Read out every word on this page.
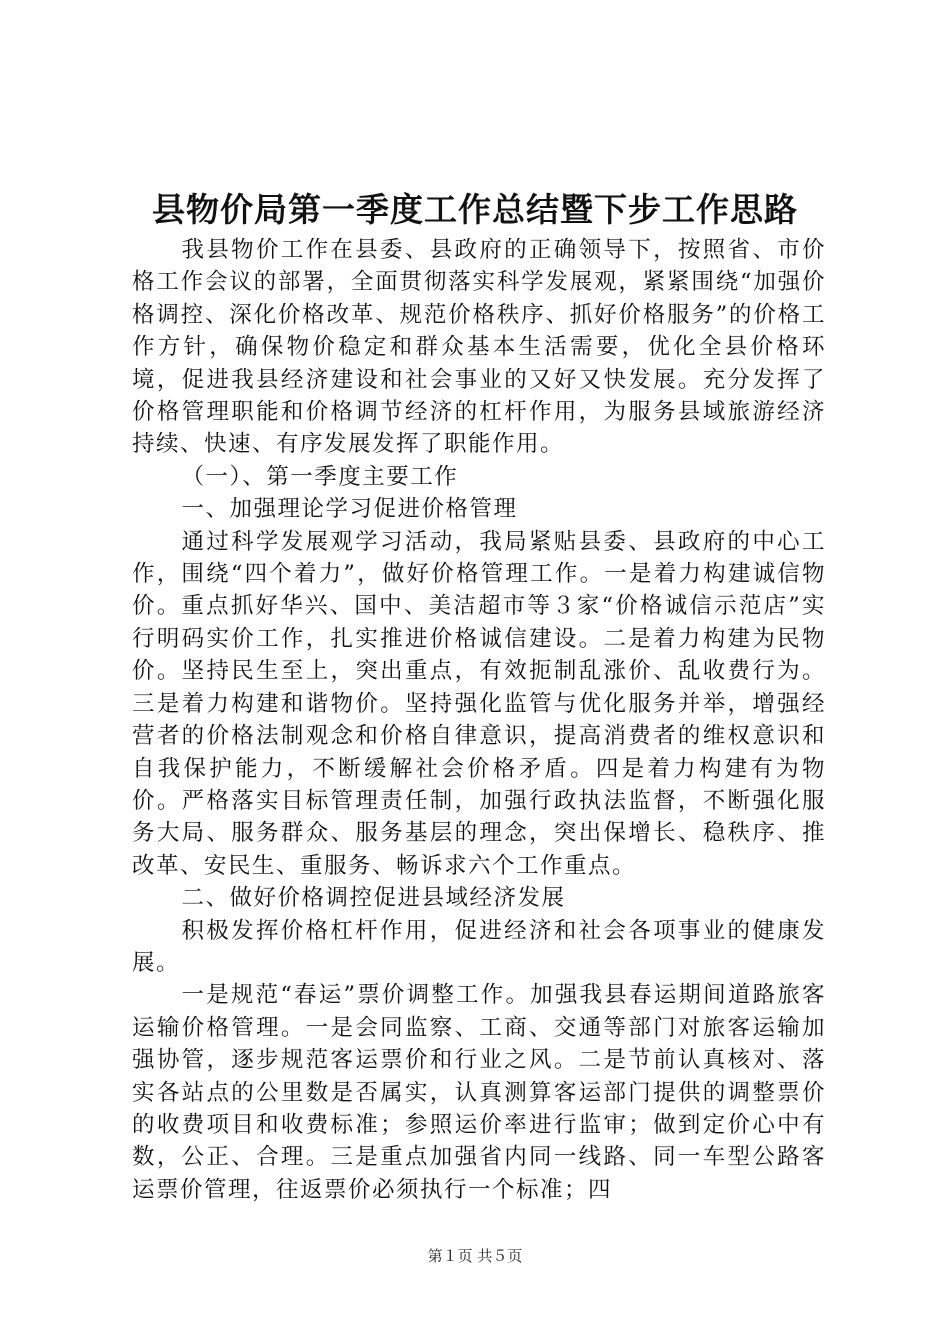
县物价局第一季度工作总结暨下步工作思路

我县物价工作在县委、县政府的正确领导下，按照省、市价格工作会议的部署，全面贯彻落实科学发展观，紧紧围绕“加强价格调控、深化价格改革、规范价格秩序、抓好价格服务”的价格工作方针，确保物价稳定和群众基本生活需要，优化全县价格环境，促进我县经济建设和社会事业的又好又快发展。充分发挥了价格管理职能和价格调节经济的杠杆作用，为服务县域旅游经济持续、快速、有序发展发挥了职能作用。

（一）、第一季度主要工作

一、加强理论学习促进价格管理

通过科学发展观学习活动，我局紧贴县委、县政府的中心工作，围绕“四个着力”，做好价格管理工作。一是着力构建诚信物价。重点抓好华兴、国中、美洁超市等３家“价格诚信示范店”实行明码实价工作，扎实推进价格诚信建设。二是着力构建为民物价。坚持民生至上，突出重点，有效扼制乱涨价、乱收费行为。三是着力构建和谐物价。坚持强化监管与优化服务并举，增强经营者的价格法制观念和价格自律意识，提高消费者的维权意识和自我保护能力，不断缓解社会价格矛盾。四是着力构建有为物价。严格落实目标管理责任制，加强行政执法监督，不断强化服务大局、服务群众、服务基层的理念，突出保增长、稳秩序、推改革、安民生、重服务、畅诉求六个工作重点。

二、做好价格调控促进县域经济发展

积极发挥价格杠杆作用，促进经济和社会各项事业的健康发展。

一是规范“春运”票价调整工作。加强我县春运期间道路旅客运输价格管理。一是会同监察、工商、交通等部门对旅客运输加强协管，逐步规范客运票价和行业之风。二是节前认真核对、落实各站点的公里数是否属实，认真测算客运部门提供的调整票价的收费项目和收费标准；参照运价率进行监审；做到定价心中有数，公正、合理。三是重点加强省内同一线路、同一车型公路客运票价管理，往返票价必须执行一个标准；四

第１页 共５页
